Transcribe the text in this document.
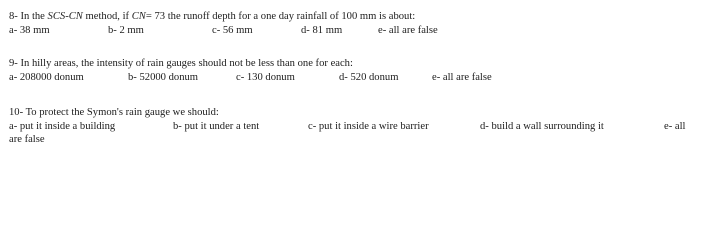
8- In the SCS-CN method, if CN= 73 the runoff depth for a one day rainfall of 100 mm is about:
a- 38 mm	b- 2 mm	c- 56 mm	d- 81 mm	e- all are false
9- In hilly areas, the intensity of rain gauges should not be less than one for each:
a- 208000 donum	b- 52000 donum	c- 130 donum	d- 520 donum	e- all are false
10- To protect the Symon's rain gauge we should:
a- put it inside a building	b- put it under a tent	c- put it inside a wire barrier	d- build a wall surrounding it	e- all
are false
